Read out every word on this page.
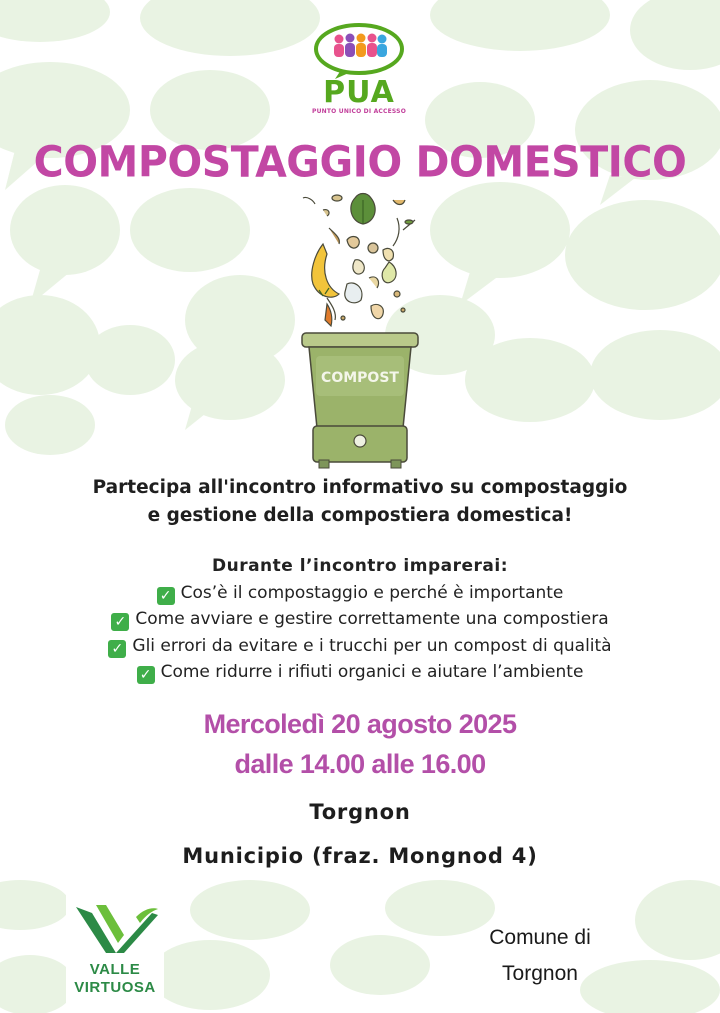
PUA
PUNTO UNICO DI ACCESSO
COMPOSTAGGIO DOMESTICO
COMPOST
Partecipa all'incontro informativo su compostaggio
e gestione della compostiera domestica!
Durante l’incontro imparerai:
✓ Cos’è il compostaggio e perché è importante
✓ Come avviare e gestire correttamente una compostiera
✓ Gli errori da evitare e i trucchi per un compost di qualità
✓ Come ridurre i rifiuti organici e aiutare l’ambiente
Mercoledì 20 agosto 2025
dalle 14.00 alle 16.00
Torgnon
Municipio (fraz. Mongnod 4)
VALLE
VIRTUOSA
Comune di
Torgnon
